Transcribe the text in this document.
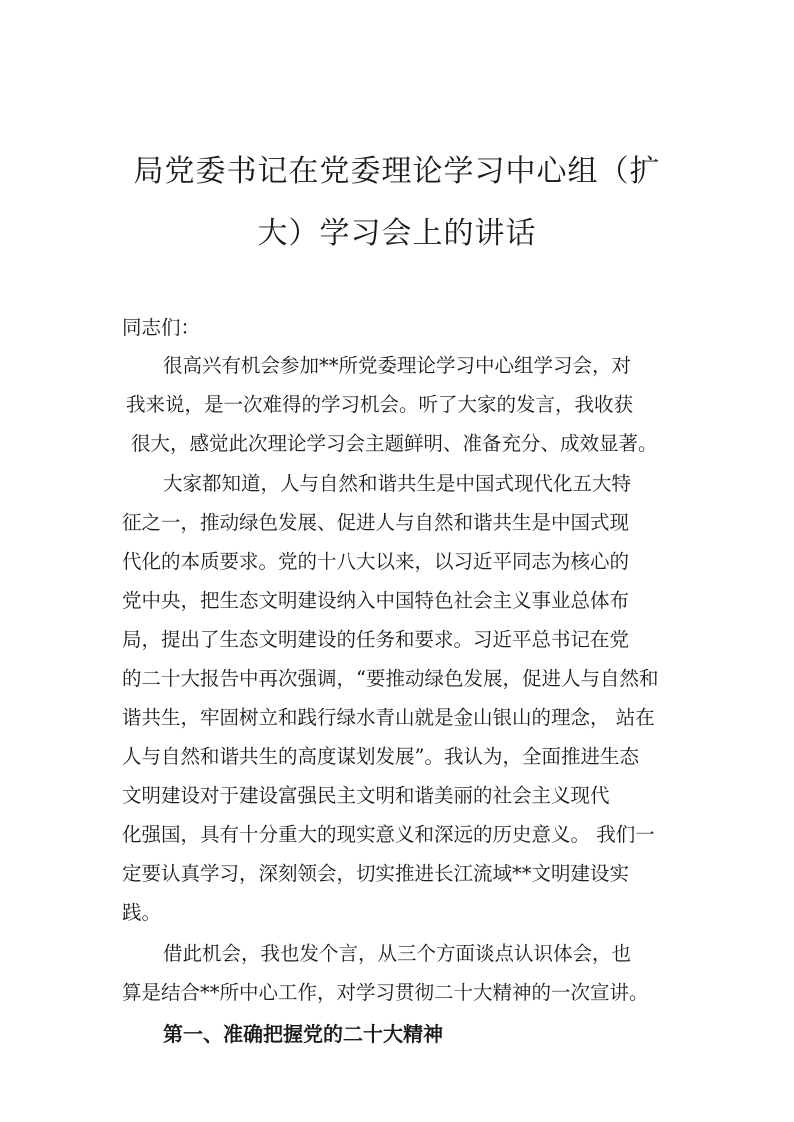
局党委书记在党委理论学习中心组（扩
大）学习会上的讲话
同志们：
很高兴有机会参加**所党委理论学习中心组学习会，对
我来说，是一次难得的学习机会。听了大家的发言，我收获
很大，感觉此次理论学习会主题鲜明、准备充分、成效显著。
大家都知道，人与自然和谐共生是中国式现代化五大特
征之一，推动绿色发展、促进人与自然和谐共生是中国式现
代化的本质要求。党的十八大以来，以习近平同志为核心的
党中央，把生态文明建设纳入中国特色社会主义事业总体布
局，提出了生态文明建设的任务和要求。习近平总书记在党
的二十大报告中再次强调，“要推动绿色发展，促进人与自然和
谐共生，牢固树立和践行绿水青山就是金山银山的理念， 站在
人与自然和谐共生的高度谋划发展”。我认为，全面推进生态
文明建设对于建设富强民主文明和谐美丽的社会主义现代
化强国，具有十分重大的现实意义和深远的历史意义。 我们一
定要认真学习，深刻领会，切实推进长江流域**文明建设实
践。
借此机会，我也发个言，从三个方面谈点认识体会，也
算是结合**所中心工作，对学习贯彻二十大精神的一次宣讲。
第一、准确把握党的二十大精神
